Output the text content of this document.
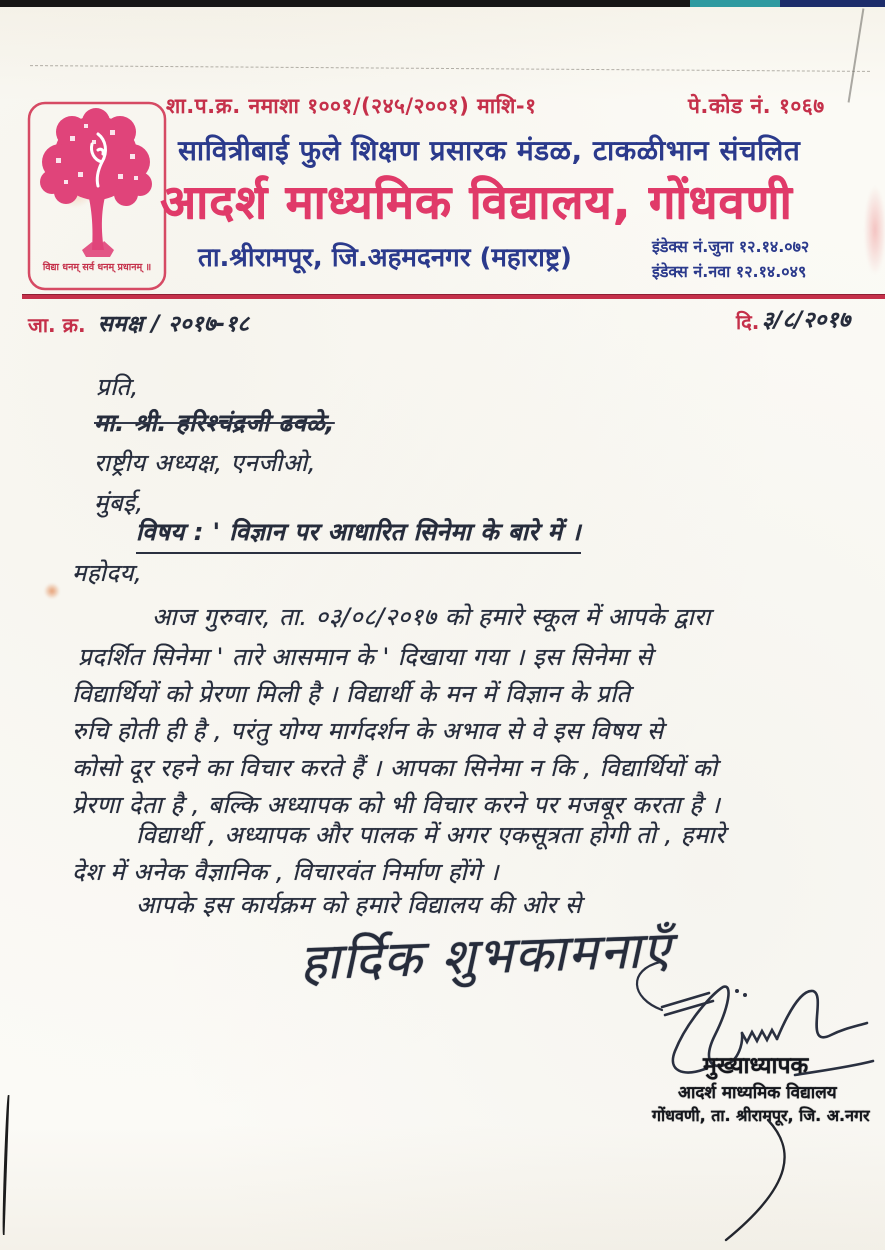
विद्या धनम् सर्व धनम् प्रधानम् ॥
शा.प.क्र. नमाशा १००१/(२४५/२००१) माशि-१	पे.कोड नं. १०६७
सावित्रीबाई फुले शिक्षण प्रसारक मंडळ, टाकळीभान संचलित
आदर्श माध्यमिक विद्यालय, गोंधवणी
ता.श्रीरामपूर, जि.अहमदनगर (महाराष्ट्र)	इंडेक्स नं.जुना १२.१४.०७२
इंडेक्स नं.नवा १२.१४.०४९
जा. क्र. समक्ष / २०१७-१८	दि. ३/८/२०१७
प्रति,
मा. श्री. हरिश्चंद्रजी ढवळे,
राष्ट्रीय अध्यक्ष, एनजीओ,
मुंबई,
विषय : ' विज्ञान पर आधारित सिनेमा के बारे में ।
महोदय,
आज गुरुवार, ता. ०३/०८/२०१७ को हमारे स्कूल में आपके द्वारा
प्रदर्शित सिनेमा ' तारे आसमान के ' दिखाया गया । इस सिनेमा से
विद्यार्थियों को प्रेरणा मिली है । विद्यार्थी के मन में विज्ञान के प्रति
रुचि होती ही है , परंतु योग्य मार्गदर्शन के अभाव से वे इस विषय से
कोसो दूर रहने का विचार करते हैं । आपका सिनेमा न कि , विद्यार्थियों को
प्रेरणा देता है , बल्कि अध्यापक को भी विचार करने पर मजबूर करता है ।
विद्यार्थी , अध्यापक और पालक में अगर एकसूत्रता होगी तो , हमारे
देश में अनेक वैज्ञानिक , विचारवंत निर्माण होंगे ।
आपके इस कार्यक्रम को हमारे विद्यालय की ओर से
हार्दिक शुभकामनाएँ
मुख्याध्यापक
आदर्श माध्यमिक विद्यालय
गोंधवणी, ता. श्रीरामपूर, जि. अ.नगर
